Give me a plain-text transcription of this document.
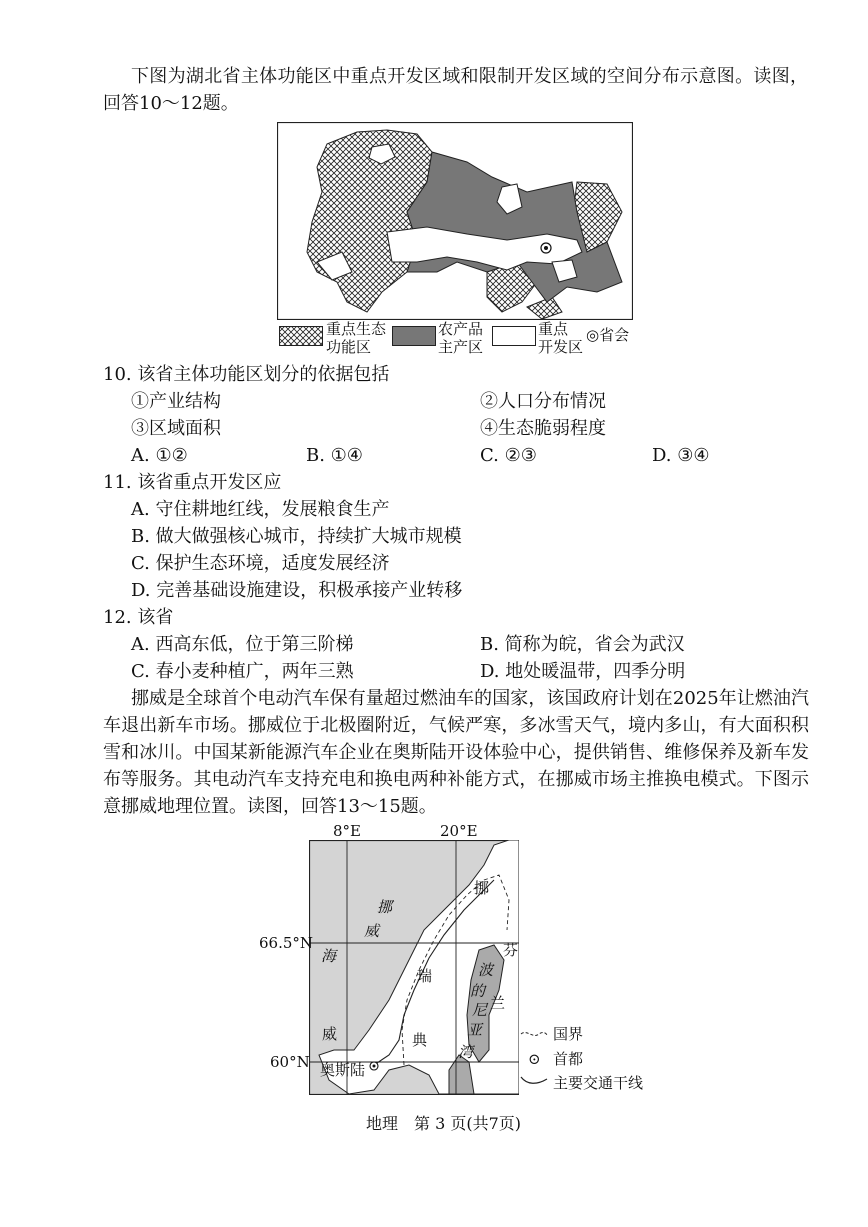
下图为湖北省主体功能区中重点开发区域和限制开发区域的空间分布示意图。读图，回答10～12题。
重点生态
功能区
农产品
主产区
重点
开发区
◎省会
10. 该省主体功能区划分的依据包括
①产业结构	②人口分布情况
③区域面积	④生态脆弱程度
A. ①②	B. ①④	C. ②③	D. ③④
11. 该省重点开发区应
A. 守住耕地红线，发展粮食生产
B. 做大做强核心城市，持续扩大城市规模
C. 保护生态环境，适度发展经济
D. 完善基础设施建设，积极承接产业转移
12. 该省
A. 西高东低，位于第三阶梯	B. 简称为皖，省会为武汉
C. 春小麦种植广，两年三熟	D. 地处暖温带，四季分明
挪威是全球首个电动汽车保有量超过燃油车的国家，该国政府计划在2025年让燃油汽车退出新车市场。挪威位于北极圈附近，气候严寒，多冰雪天气，境内多山，有大面积积雪和冰川。中国某新能源汽车企业在奥斯陆开设体验中心，提供销售、维修保养及新车发布等服务。其电动汽车支持充电和换电两种补能方式，在挪威市场主推换电模式。下图示意挪威地理位置。读图，回答13～15题。
8°E	20°E
66.5°N
60°N
挪
威
海
瑞
典
挪
威
波
的
尼
亚
湾
芬
兰
奥斯陆
国界
⊙ 首都
主要交通干线
地理　第 3 页(共7页)
